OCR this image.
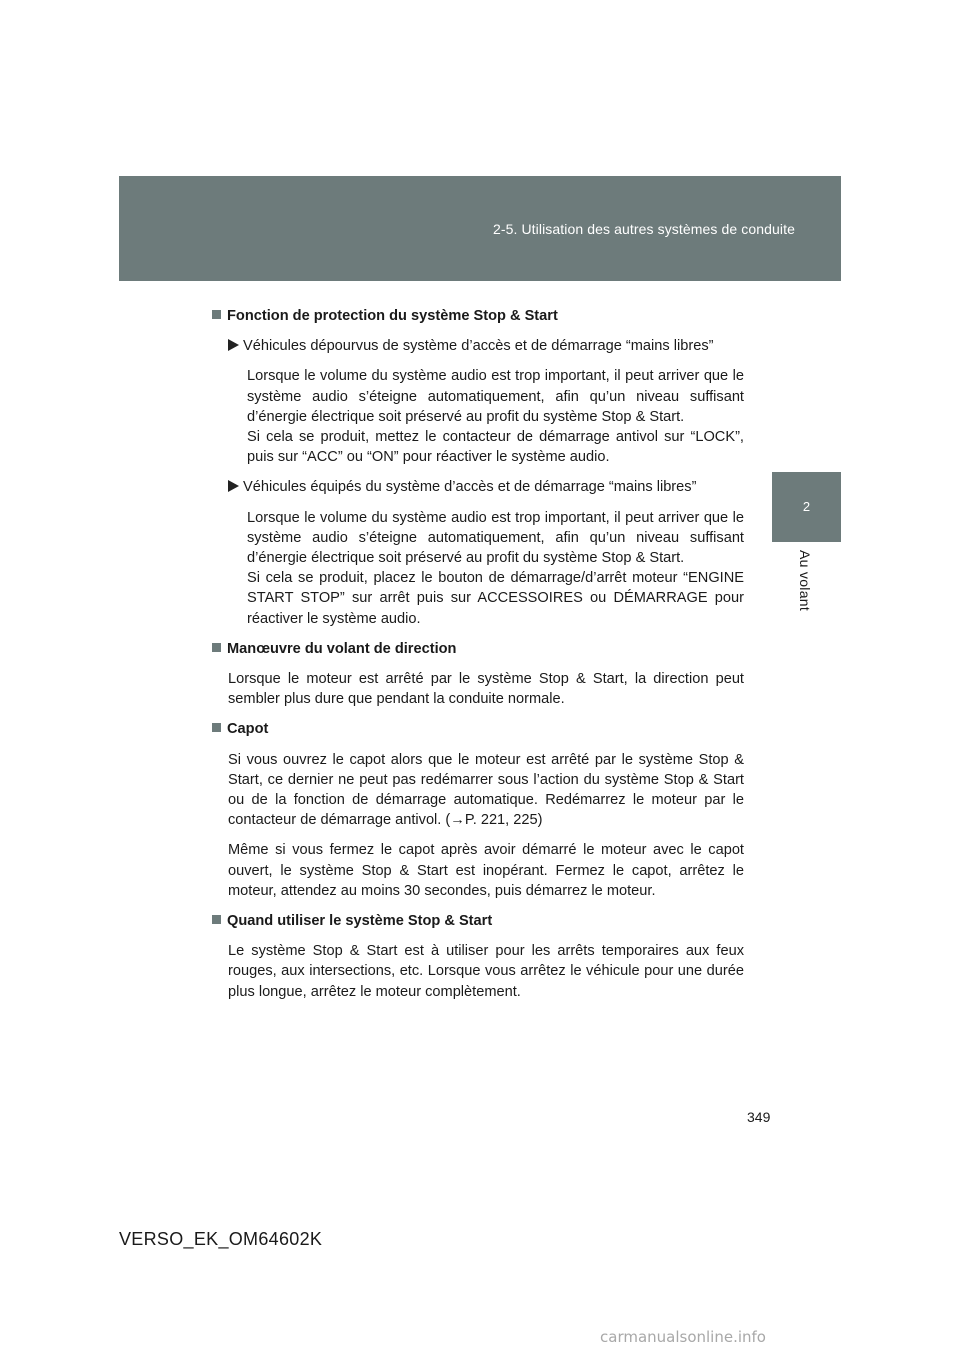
2-5. Utilisation des autres systèmes de conduite
2
Au volant
Fonction de protection du système Stop & Start
Véhicules dépourvus de système d’accès et de démarrage “mains libres”
Lorsque le volume du système audio est trop important, il peut arriver que le système audio s’éteigne automatiquement, afin qu’un niveau suffisant d’énergie électrique soit préservé au profit du système Stop & Start.
Si cela se produit, mettez le contacteur de démarrage antivol sur “LOCK”, puis sur “ACC” ou “ON” pour réactiver le système audio.
Véhicules équipés du système d’accès et de démarrage “mains libres”
Lorsque le volume du système audio est trop important, il peut arriver que le système audio s’éteigne automatiquement, afin qu’un niveau suffisant d’énergie électrique soit préservé au profit du système Stop & Start.
Si cela se produit, placez le bouton de démarrage/d’arrêt moteur “ENGINE START STOP” sur arrêt puis sur ACCESSOIRES ou DÉMARRAGE pour réactiver le système audio.
Manœuvre du volant de direction
Lorsque le moteur est arrêté par le système Stop & Start, la direction peut sembler plus dure que pendant la conduite normale.
Capot
Si vous ouvrez le capot alors que le moteur est arrêté par le système Stop & Start, ce dernier ne peut pas redémarrer sous l’action du système Stop & Start ou de la fonction de démarrage automatique. Redémarrez le moteur par le contacteur de démarrage antivol. (→P. 221, 225)
Même si vous fermez le capot après avoir démarré le moteur avec le capot ouvert, le système Stop & Start est inopérant. Fermez le capot, arrêtez le moteur, attendez au moins 30 secondes, puis démarrez le moteur.
Quand utiliser le système Stop & Start
Le système Stop & Start est à utiliser pour les arrêts temporaires aux feux rouges, aux intersections, etc. Lorsque vous arrêtez le véhicule pour une durée plus longue, arrêtez le moteur complètement.
349
VERSO_EK_OM64602K
carmanualsonline.info
